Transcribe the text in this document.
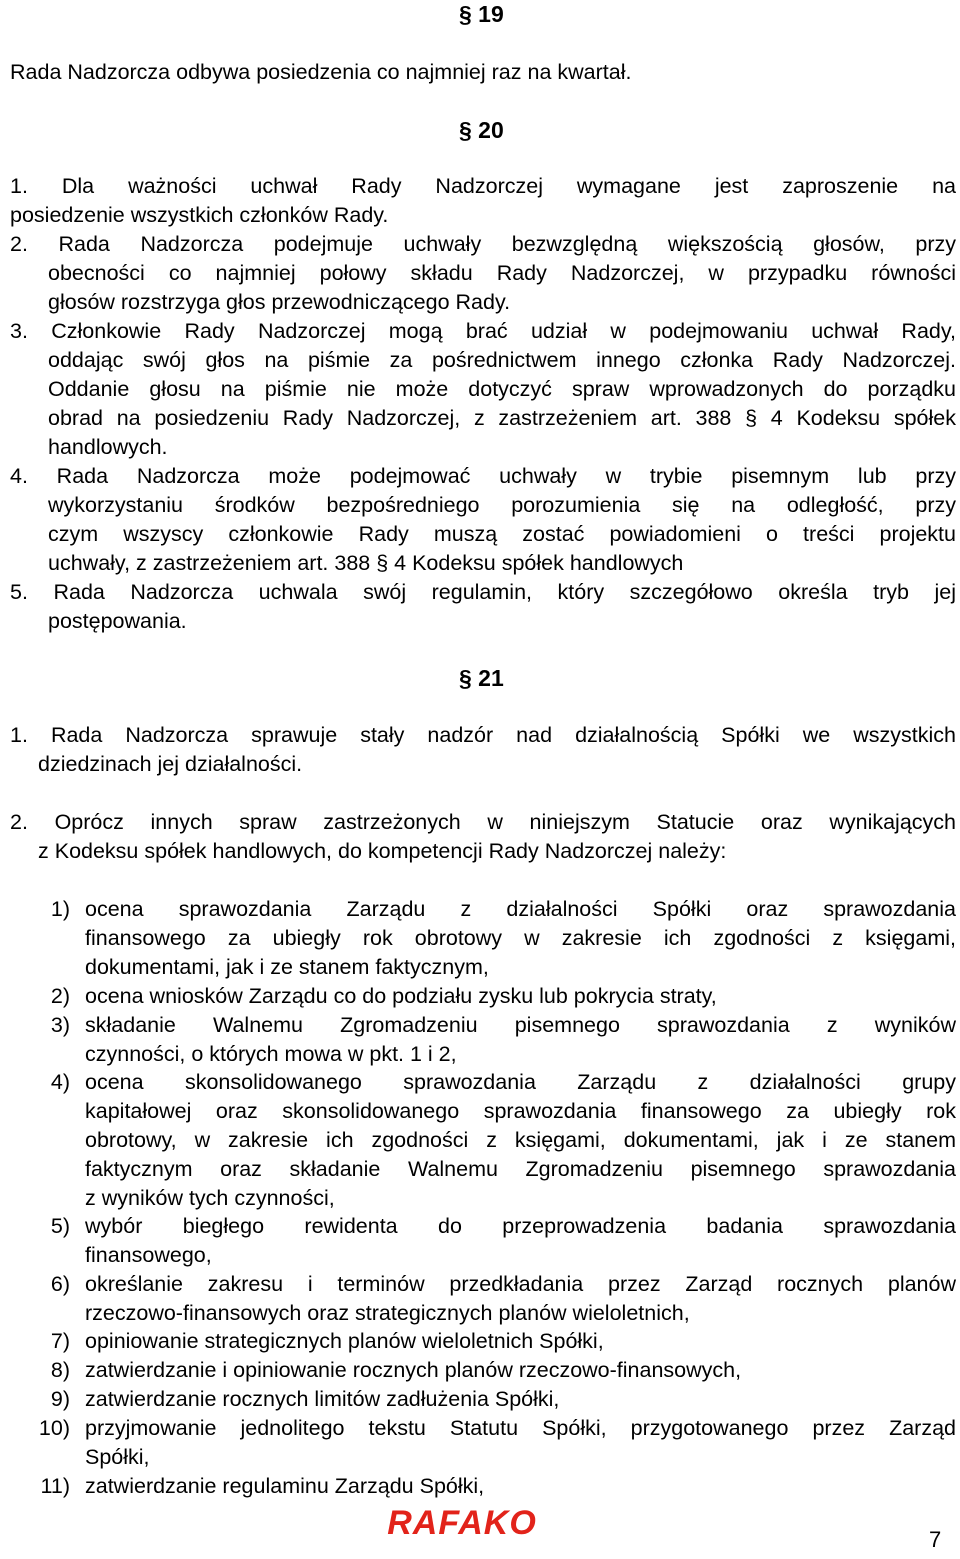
§ 19
Rada Nadzorcza odbywa posiedzenia co najmniej raz na kwartał.
§ 20
1. Dla ważności uchwał Rady Nadzorczej wymagane jest zaproszenie na
posiedzenie wszystkich członków Rady.
2. Rada Nadzorcza podejmuje uchwały bezwzględną większością głosów, przy
obecności co najmniej połowy składu Rady Nadzorczej, w przypadku równości
głosów rozstrzyga głos przewodniczącego Rady.
3. Członkowie Rady Nadzorczej mogą brać udział w podejmowaniu uchwał Rady,
oddając swój głos na piśmie za pośrednictwem innego członka Rady Nadzorczej.
Oddanie głosu na piśmie nie może dotyczyć spraw wprowadzonych do porządku
obrad na posiedzeniu Rady Nadzorczej, z zastrzeżeniem art. 388 § 4 Kodeksu spółek
handlowych.
4. Rada Nadzorcza może podejmować uchwały w trybie pisemnym lub przy
wykorzystaniu środków bezpośredniego porozumienia się na odległość, przy
czym wszyscy członkowie Rady muszą zostać powiadomieni o treści projektu
uchwały, z zastrzeżeniem art. 388 § 4 Kodeksu spółek handlowych
5. Rada Nadzorcza uchwala swój regulamin, który szczegółowo określa tryb jej
postępowania.
§ 21
1. Rada Nadzorcza sprawuje stały nadzór nad działalnością Spółki we wszystkich
dziedzinach jej działalności.
2. Oprócz innych spraw zastrzeżonych w niniejszym Statucie oraz wynikających
z Kodeksu spółek handlowych, do kompetencji Rady Nadzorczej należy:
1) ocena sprawozdania Zarządu z działalności Spółki oraz sprawozdania
finansowego za ubiegły rok obrotowy w zakresie ich zgodności z księgami,
dokumentami, jak i ze stanem faktycznym,
2) ocena wniosków Zarządu co do podziału zysku lub pokrycia straty,
3) składanie Walnemu Zgromadzeniu pisemnego sprawozdania z wyników
czynności, o których mowa w pkt. 1 i 2,
4) ocena skonsolidowanego sprawozdania Zarządu z działalności grupy
kapitałowej oraz skonsolidowanego sprawozdania finansowego za ubiegły rok
obrotowy, w zakresie ich zgodności z księgami, dokumentami, jak i ze stanem
faktycznym oraz składanie Walnemu Zgromadzeniu pisemnego sprawozdania
z wyników tych czynności,
5) wybór biegłego rewidenta do przeprowadzenia badania sprawozdania
finansowego,
6) określanie zakresu i terminów przedkładania przez Zarząd rocznych planów
rzeczowo-finansowych oraz strategicznych planów wieloletnich,
7) opiniowanie strategicznych planów wieloletnich Spółki,
8) zatwierdzanie i opiniowanie rocznych planów rzeczowo-finansowych,
9) zatwierdzanie rocznych limitów zadłużenia Spółki,
10) przyjmowanie jednolitego tekstu Statutu Spółki, przygotowanego przez Zarząd
Spółki,
11) zatwierdzanie regulaminu Zarządu Spółki,
RAFAKO	7
